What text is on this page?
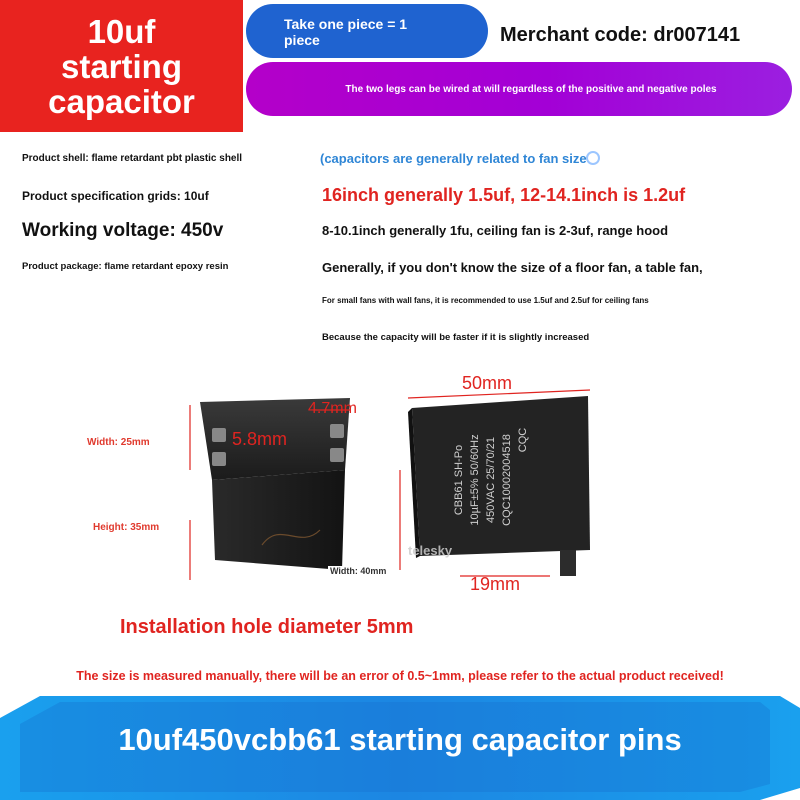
10uf
starting
capacitor
Take one piece = 1
piece	Merchant code: dr007141
The two legs can be wired at will regardless of the positive and negative poles
Product shell: flame retardant pbt plastic shell
Product specification grids: 10uf
Working voltage: 450v
Product package: flame retardant epoxy resin
(capacitors are generally related to fan size
16inch generally 1.5uf, 12-14.1inch is 1.2uf
8-10.1inch generally 1fu, ceiling fan is 2-3uf, range hood
Generally, if you don't know the size of a floor fan, a table fan,
For small fans with wall fans, it is recommended to use 1.5uf and 2.5uf for ceiling fans
Because the capacity will be faster if it is slightly increased
CBB61 SH-Po 10µF±5% 50/60Hz 450VAC 25/70/21 CQC10002004518 CQC
telesky
Width: 25mm
Height: 35mm
Width: 40mm
5.8mm
4.7mm
50mm
19mm
Installation hole diameter 5mm
The size is measured manually, there will be an error of 0.5~1mm, please refer to the actual product received!
10uf450vcbb61 starting capacitor pins
